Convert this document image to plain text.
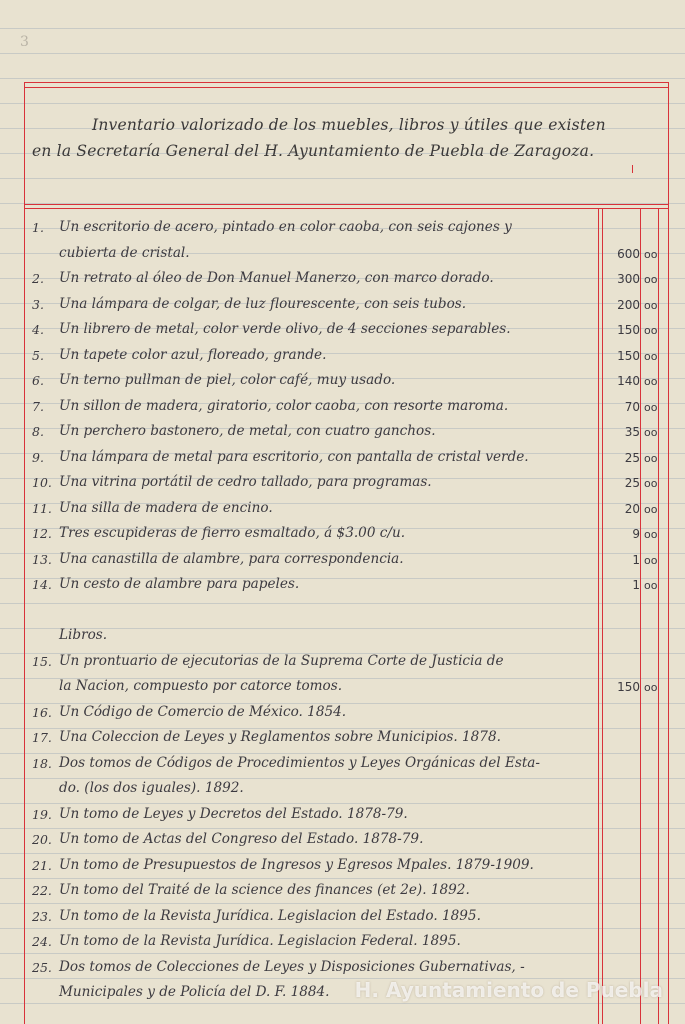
3
Inventario valorizado de los muebles, libros y útiles que existen
en la Secretaría General del H. Ayuntamiento de Puebla de Zaragoza.
1. Un escritorio de acero, pintado en color caoba, con seis cajones y
cubierta de cristal.	600 oo
2. Un retrato al óleo de Don Manuel Manerzo, con marco dorado.	300 oo
3. Una lámpara de colgar, de luz flourescente, con seis tubos.	200 oo
4. Un librero de metal, color verde olivo, de 4 secciones separables.	150 oo
5. Un tapete color azul, floreado, grande.	150 oo
6. Un terno pullman de piel, color café, muy usado.	140 oo
7. Un sillon de madera, giratorio, color caoba, con resorte maroma.	70 oo
8. Un perchero bastonero, de metal, con cuatro ganchos.	35 oo
9. Una lámpara de metal para escritorio, con pantalla de cristal verde.	25 oo
10. Una vitrina portátil de cedro tallado, para programas.	25 oo
11. Una silla de madera de encino.	20 oo
12. Tres escupideras de fierro esmaltado, á $3.00 c/u.	9 oo
13. Una canastilla de alambre, para correspondencia.	1 oo
14. Un cesto de alambre para papeles.	1 oo
Libros.
15. Un prontuario de ejecutorias de la Suprema Corte de Justicia de
la Nacion, compuesto por catorce tomos.	150 oo
16. Un Código de Comercio de México. 1854.
17. Una Coleccion de Leyes y Reglamentos sobre Municipios. 1878.
18. Dos tomos de Códigos de Procedimientos y Leyes Orgánicas del Esta-
do. (los dos iguales). 1892.
19. Un tomo de Leyes y Decretos del Estado. 1878-79.
20. Un tomo de Actas del Congreso del Estado. 1878-79.
21. Un tomo de Presupuestos de Ingresos y Egresos Mpales. 1879-1909.
22. Un tomo del Traité de la science des finances (et 2e). 1892.
23. Un tomo de la Revista Jurídica. Legislacion del Estado. 1895.
24. Un tomo de la Revista Jurídica. Legislacion Federal. 1895.
25. Dos tomos de Colecciones de Leyes y Disposiciones Gubernativas, -
Municipales y de Policía del D. F. 1884. H. Ayuntamiento de Puebla
